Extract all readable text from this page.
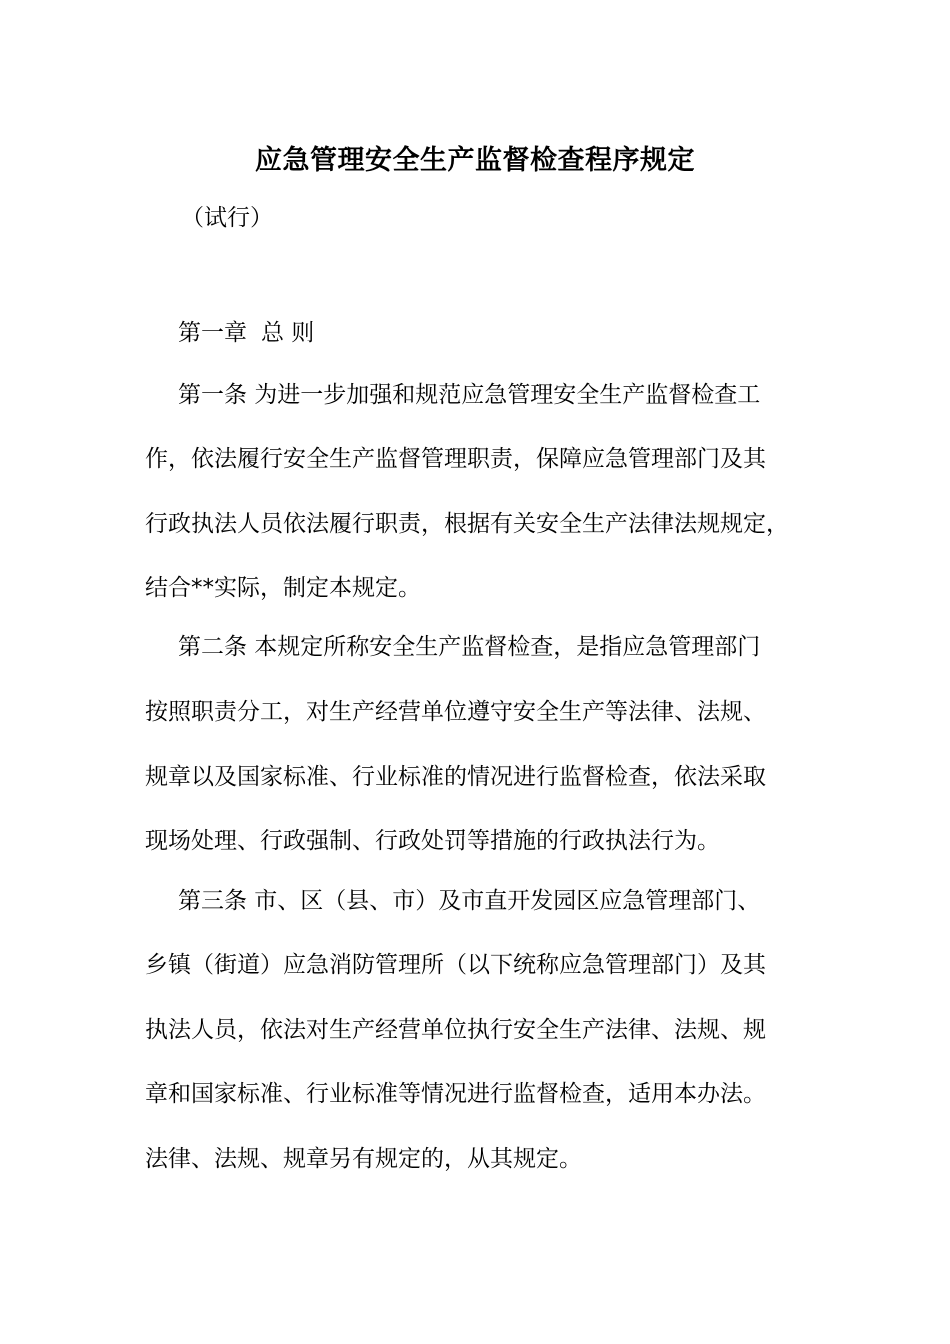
应急管理安全生产监督检查程序规定

（试行）

第一章 总 则

第一条 为进一步加强和规范应急管理安全生产监督检查工

作，依法履行安全生产监督管理职责，保障应急管理部门及其

行政执法人员依法履行职责，根据有关安全生产法律法规规定，

结合**实际，制定本规定。

第二条 本规定所称安全生产监督检查，是指应急管理部门

按照职责分工，对生产经营单位遵守安全生产等法律、法规、

规章以及国家标准、行业标准的情况进行监督检查，依法采取

现场处理、行政强制、行政处罚等措施的行政执法行为。

第三条 市、区（县、市）及市直开发园区应急管理部门、

乡镇（街道）应急消防管理所（以下统称应急管理部门）及其

执法人员，依法对生产经营单位执行安全生产法律、法规、规

章和国家标准、行业标准等情况进行监督检查，适用本办法。

法律、法规、规章另有规定的，从其规定。
